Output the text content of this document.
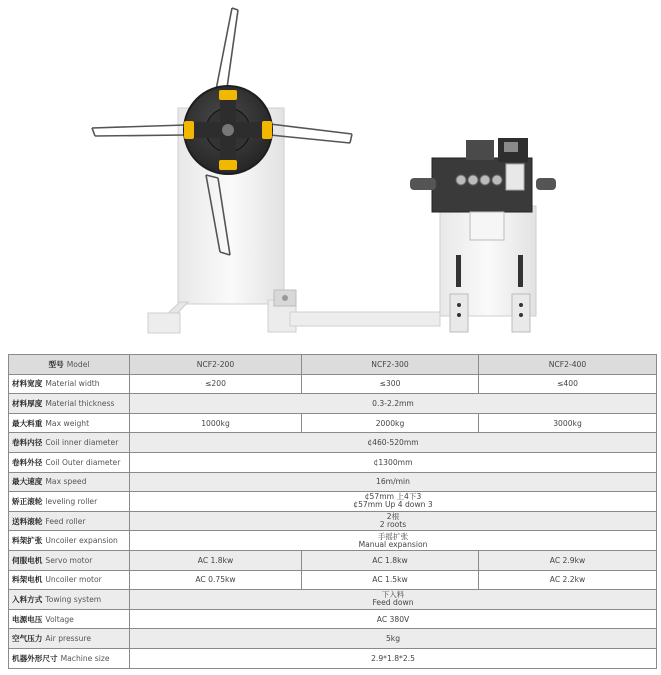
型号 Model	NCF2-200	NCF2-300	NCF2-400
材料宽度 Material width	≤200	≤300	≤400
材料厚度 Material thickness	0.3-2.2mm		
最大料重 Max weight	1000kg	2000kg	3000kg
卷料内径 Coil inner diameter	¢460-520mm		
卷料外径 Coil Outer diameter	¢1300mm		
最大速度 Max speed	16m/min		
矫正滚轮 leveling roller	¢57mm 上4下3
¢57mm Up 4 down 3		

送料滚轮 Feed roller	2根
2 roots		

料架扩张 Uncoiler expansion	手摇扩张
Manual expansion		

伺服电机 Servo motor	AC 1.8kw	AC 1.8kw	AC 2.9kw
料架电机 Uncoiler motor	AC 0.75kw	AC 1.5kw	AC 2.2kw
入料方式 Towing system	下入料
Feed down		

电源电压 Voltage	AC 380V		
空气压力 Air pressure	5kg		
机器外形尺寸 Machine size	2.9*1.8*2.5		
